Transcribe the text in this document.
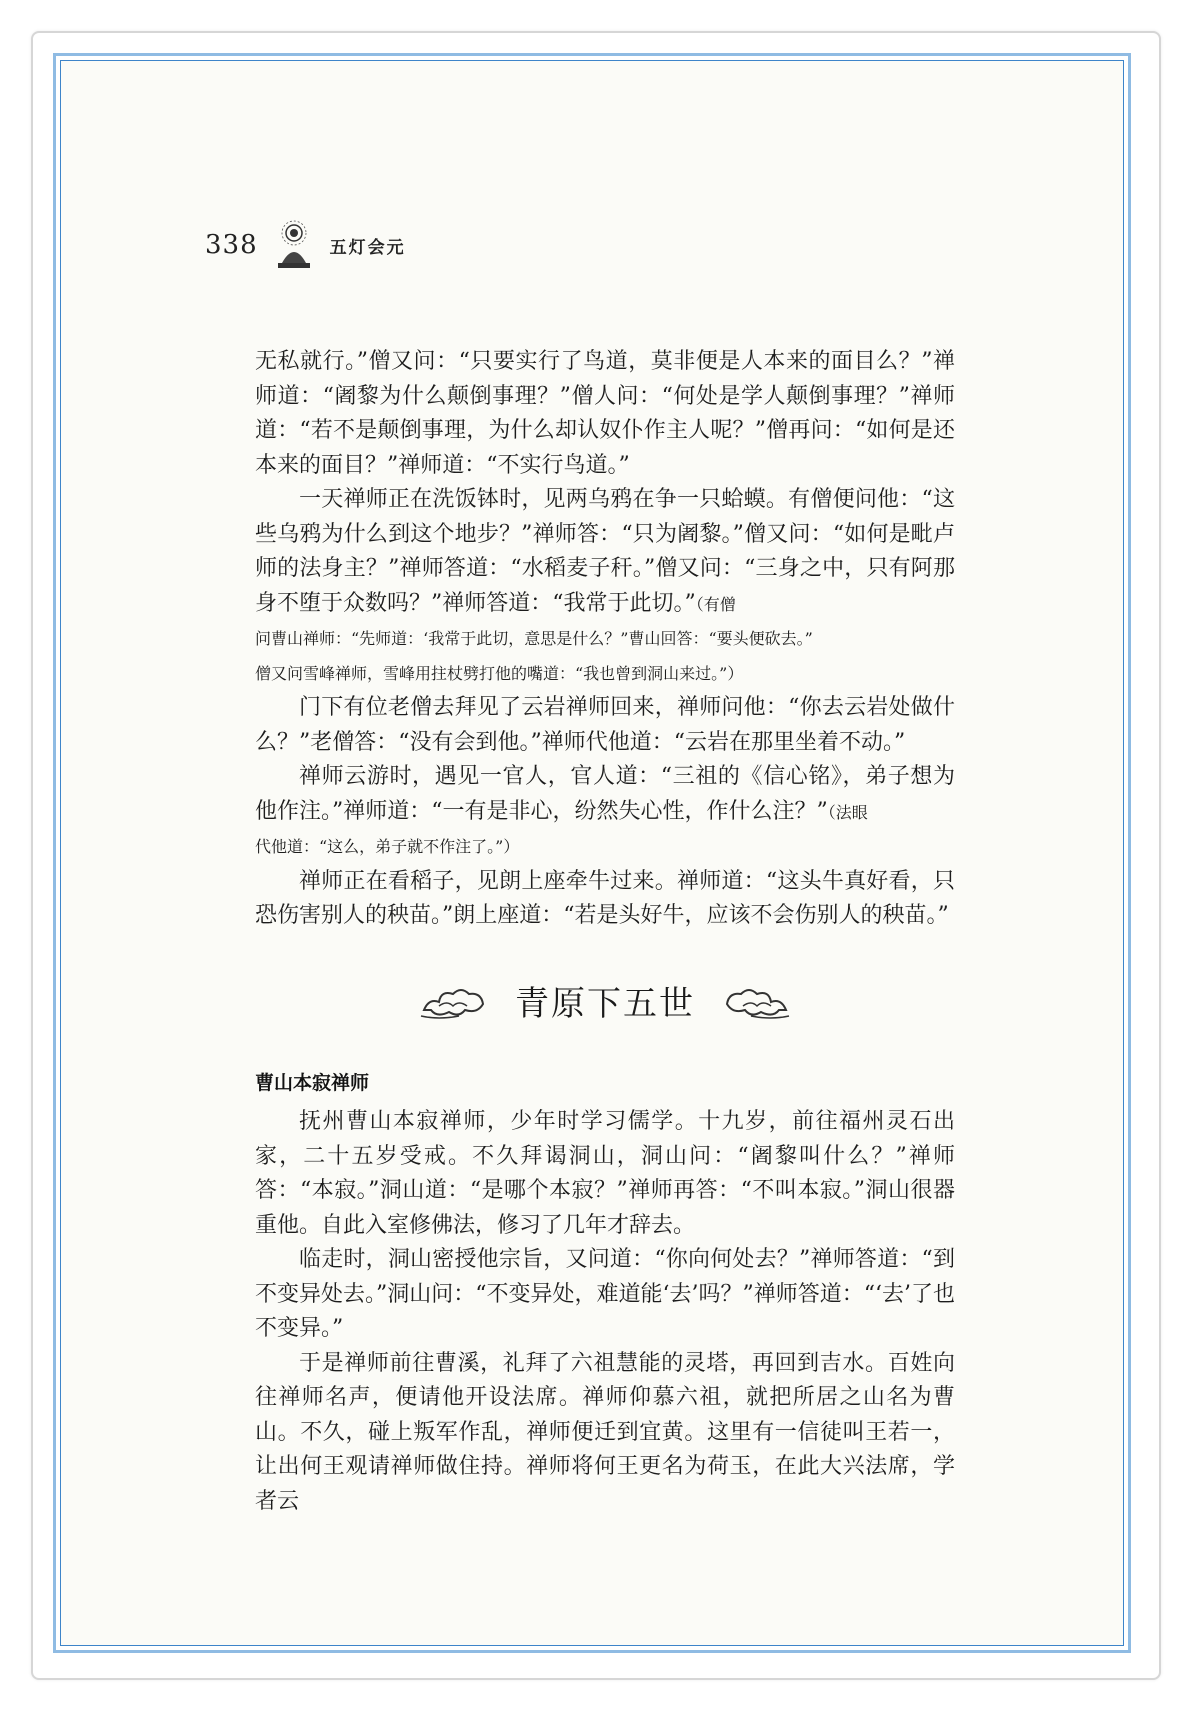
338	五灯会元

无私就行。”僧又问：“只要实行了鸟道，莫非便是人本来的面目么？”禅师道：“阇黎为什么颠倒事理？”僧人问：“何处是学人颠倒事理？”禅师道：“若不是颠倒事理，为什么却认奴仆作主人呢？”僧再问：“如何是还本来的面目？”禅师道：“不实行鸟道。”

一天禅师正在洗饭钵时，见两乌鸦在争一只蛤蟆。有僧便问他：“这些乌鸦为什么到这个地步？”禅师答：“只为阇黎。”僧又问：“如何是毗卢师的法身主？”禅师答道：“水稻麦子秆。”僧又问：“三身之中，只有阿那身不堕于众数吗？”禅师答道：“我常于此切。”（有僧

问曹山禅师：“先师道：‘我常于此切，意思是什么？”曹山回答：“要头便砍去。”

僧又问雪峰禅师，雪峰用拄杖劈打他的嘴道：“我也曾到洞山来过。”）

门下有位老僧去拜见了云岩禅师回来，禅师问他：“你去云岩处做什么？”老僧答：“没有会到他。”禅师代他道：“云岩在那里坐着不动。”

禅师云游时，遇见一官人，官人道：“三祖的《信心铭》，弟子想为他作注。”禅师道：“一有是非心，纷然失心性，作什么注？”（法眼

代他道：“这么，弟子就不作注了。”）

禅师正在看稻子，见朗上座牵牛过来。禅师道：“这头牛真好看，只恐伤害别人的秧苗。”朗上座道：“若是头好牛，应该不会伤别人的秧苗。”

青原下五世
曹山本寂禅师

抚州曹山本寂禅师，少年时学习儒学。十九岁，前往福州灵石出家，二十五岁受戒。不久拜谒洞山，洞山问：“阇黎叫什么？”禅师答：“本寂。”洞山道：“是哪个本寂？”禅师再答：“不叫本寂。”洞山很器重他。自此入室修佛法，修习了几年才辞去。

临走时，洞山密授他宗旨，又问道：“你向何处去？”禅师答道：“到不变异处去。”洞山问：“不变异处，难道能‘去’吗？”禅师答道：“‘去’了也不变异。”

于是禅师前往曹溪，礼拜了六祖慧能的灵塔，再回到吉水。百姓向往禅师名声，便请他开设法席。禅师仰慕六祖，就把所居之山名为曹山。不久，碰上叛军作乱，禅师便迁到宜黄。这里有一信徒叫王若一，让出何王观请禅师做住持。禅师将何王更名为荷玉，在此大兴法席，学者云
